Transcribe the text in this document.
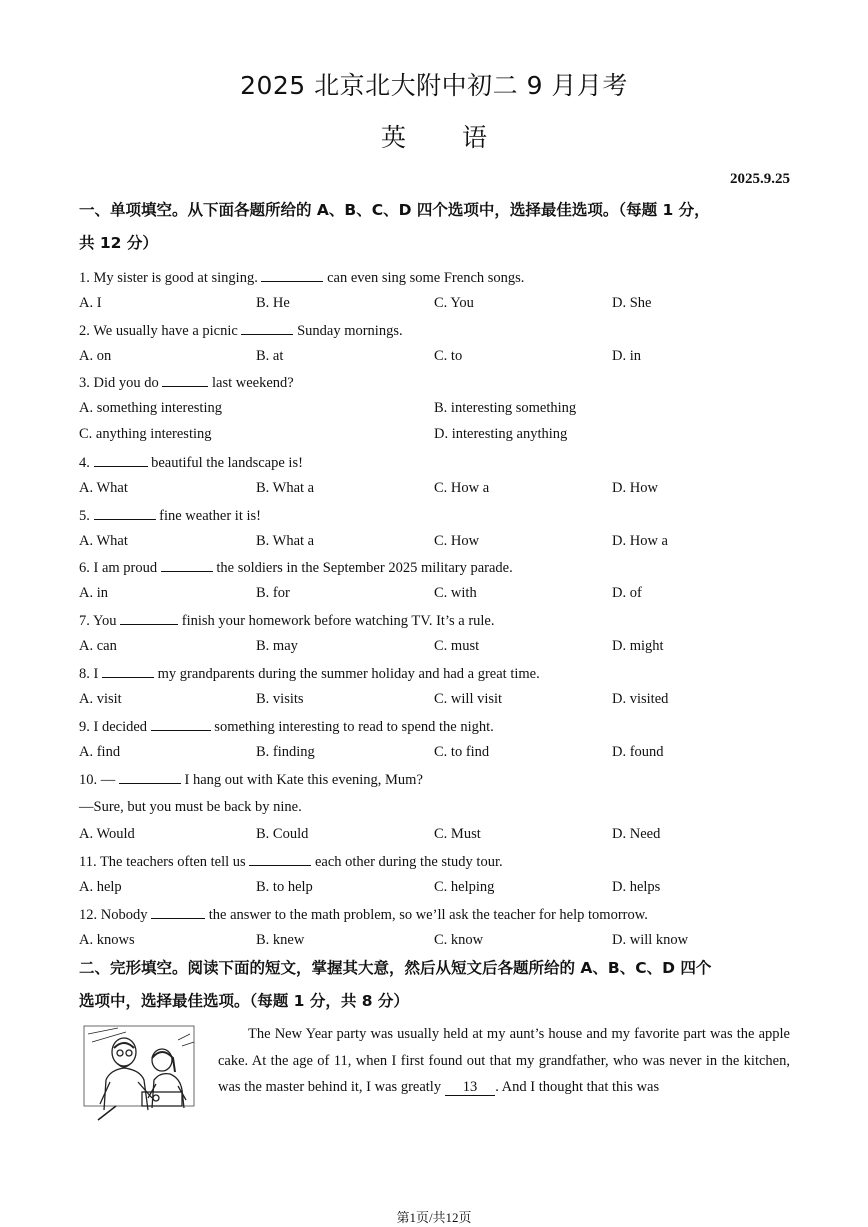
2025 北京北大附中初二 9 月月考
英 语
2025.9.25
一、单项填空。从下面各题所给的 A、B、C、D 四个选项中，选择最佳选项。（每题 1 分，
共 12 分）
1. My sister is good at singing.	can even sing some French songs.
A. I	B. He	C. You	D. She
2. We usually have a picnic	Sunday mornings.
A. on	B. at	C. to	D. in
3. Did you do	last weekend?
A. something interesting	B. interesting something
C. anything interesting	D. interesting anything
4.	beautiful the landscape is!
A. What	B. What a	C. How a	D. How
5.	fine weather it is!
A. What	B. What a	C. How	D. How a
6. I am proud	the soldiers in the September 2025 military parade.
A. in	B. for	C. with	D. of
7. You	finish your homework before watching TV. It’s a rule.
A. can	B. may	C. must	D. might
8. I	my grandparents during the summer holiday and had a great time.
A. visit	B. visits	C. will visit	D. visited
9. I decided	something interesting to read to spend the night.
A. find	B. finding	C. to find	D. found
10. —	I hang out with Kate this evening, Mum?
—Sure, but you must be back by nine.
A. Would	B. Could	C. Must	D. Need
11. The teachers often tell us	each other during the study tour.
A. help	B. to help	C. helping	D. helps
12. Nobody	the answer to the math problem, so we’ll ask the teacher for help tomorrow.
A. knows	B. knew	C. know	D. will know
二、完形填空。阅读下面的短文，掌握其大意，然后从短文后各题所给的 A、B、C、D 四个
选项中，选择最佳选项。（每题 1 分，共 8 分）
The New Year party was usually held at my aunt’s house and my favorite part was the apple cake. At the age of 11, when I first found out that my grandfather, who was never in the kitchen, was the master behind it, I was greatly 13 . And I thought that this was
第1页/共12页
